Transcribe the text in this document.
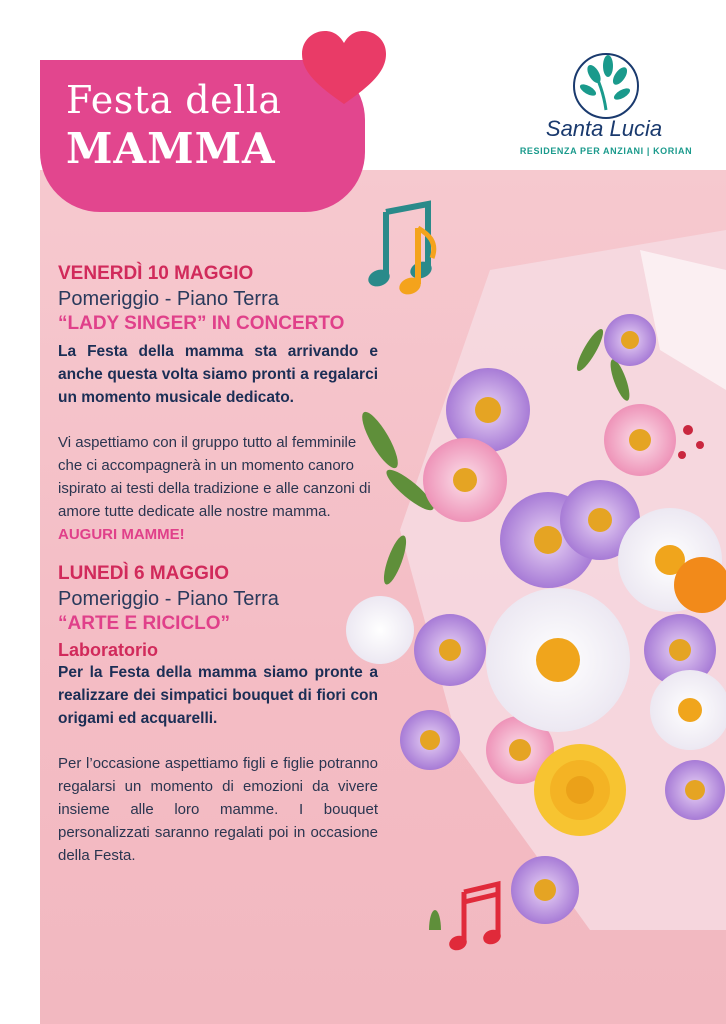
Festa della
MAMMA	Santa Lucia
RESIDENZA PER ANZIANI | KORIAN

VENERDÌ 10 MAGGIO

Pomeriggio - Piano Terra

“LADY SINGER” IN CONCERTO

La Festa della mamma sta arrivando e anche questa volta siamo pronti a regalarci un momento musicale dedicato.

Vi aspettiamo con il gruppo tutto al femminile che ci accompagnerà in un momento canoro ispirato ai testi della tradizione e alle canzoni di amore tutte dedicate alle nostre mamma. AUGURI MAMME!

LUNEDÌ 6 MAGGIO

Pomeriggio - Piano Terra

“ARTE E RICICLO”

Laboratorio

Per la Festa della mamma siamo pronte a realizzare dei simpatici bouquet di fiori con origami ed acquarelli.

Per l’occasione aspettiamo figli e figlie potranno regalarsi un momento di emozioni da vivere insieme alle loro mamme. I bouquet personalizzati saranno regalati poi in occasione della Festa.
